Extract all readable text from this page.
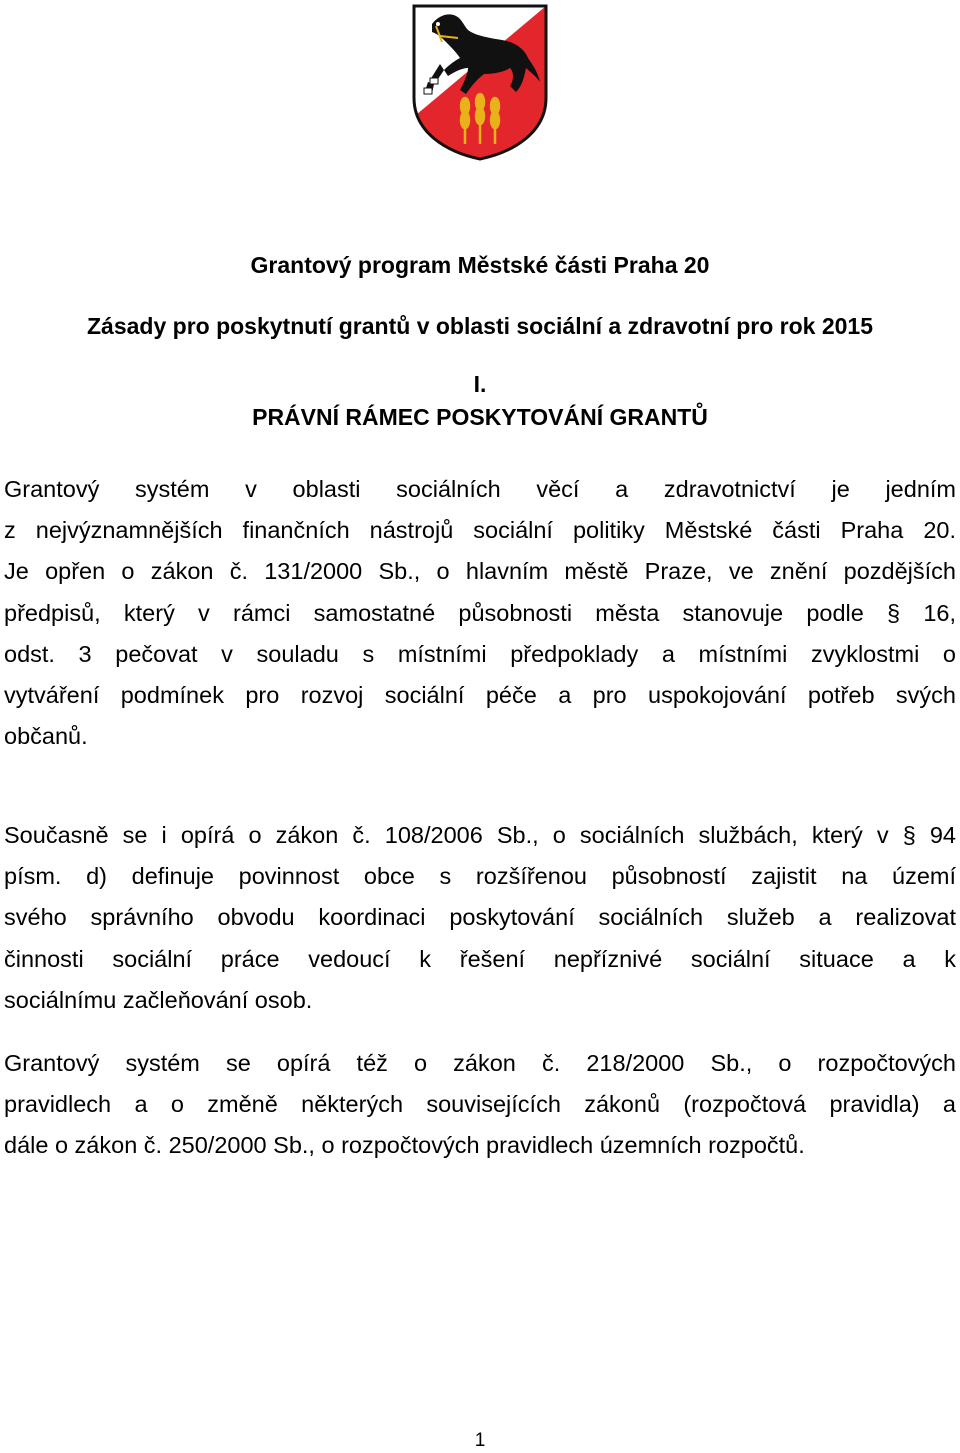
Grantový program Městské části Praha 20
Zásady pro poskytnutí grantů v oblasti sociální a zdravotní pro rok 2015
I.
PRÁVNÍ RÁMEC POSKYTOVÁNÍ GRANTŮ

Grantový systém v oblasti sociálních věcí a zdravotnictví je jedním
z nejvýznamnějších finančních nástrojů sociální politiky Městské části Praha 20.
Je opřen o zákon č. 131/2000 Sb., o hlavním městě Praze, ve znění pozdějších
předpisů, který v rámci samostatné působnosti města stanovuje podle § 16,
odst. 3 pečovat v souladu s místními předpoklady a místními zvyklostmi o
vytváření podmínek pro rozvoj sociální péče a pro uspokojování potřeb svých
občanů.

Současně se i opírá o zákon č. 108/2006 Sb., o sociálních službách, který v § 94
písm. d) definuje povinnost obce s rozšířenou působností zajistit na území
svého správního obvodu koordinaci poskytování sociálních služeb a realizovat
činnosti sociální práce vedoucí k řešení nepříznivé sociální situace a k
sociálnímu začleňování osob.

Grantový systém se opírá též o zákon č. 218/2000 Sb., o rozpočtových
pravidlech a o změně některých souvisejících zákonů (rozpočtová pravidla) a
dále o zákon č. 250/2000 Sb., o rozpočtových pravidlech územních rozpočtů.

1
